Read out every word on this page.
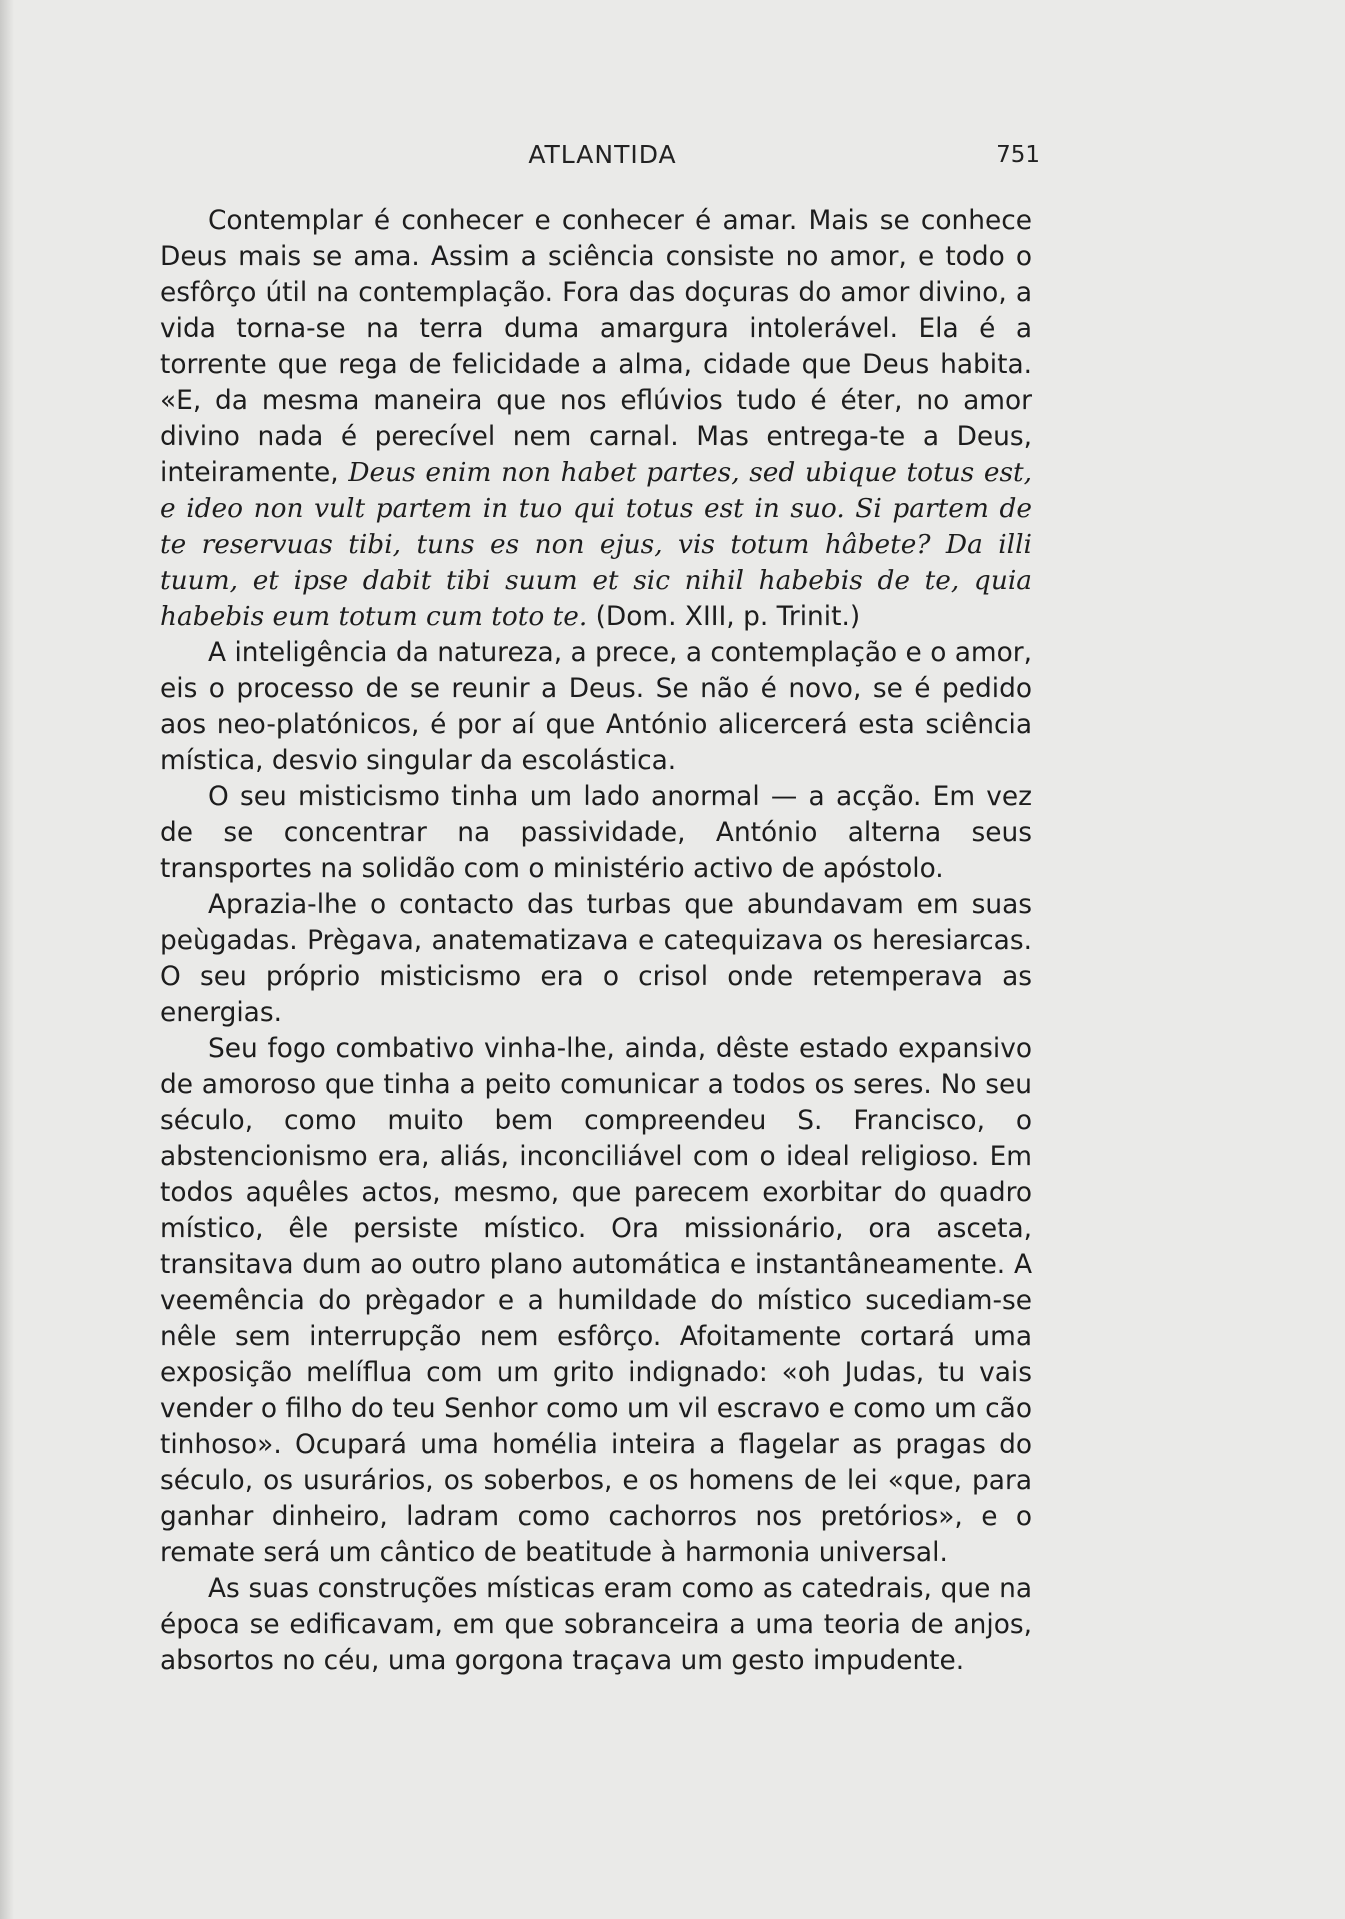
ATLANTIDA	751

Contemplar é conhecer e conhecer é amar. Mais se conhece Deus mais se ama. Assim a sciência consiste no amor, e todo o esfôrço útil na contemplação. Fora das doçuras do amor divino, a vida torna-se na terra duma amargura intolerável. Ela é a torrente que rega de felicidade a alma, cidade que Deus habita. «E, da mesma maneira que nos eflúvios tudo é éter, no amor divino nada é perecível nem carnal. Mas entrega-te a Deus, inteiramente, Deus enim non habet partes, sed ubique totus est, e ideo non vult partem in tuo qui totus est in suo. Si partem de te reservuas tibi, tuns es non ejus, vis totum hâbete? Da illi tuum, et ipse dabit tibi suum et sic nihil habebis de te, quia habebis eum totum cum toto te. (Dom. XIII, p. Trinit.)

A inteligência da natureza, a prece, a contemplação e o amor, eis o processo de se reunir a Deus. Se não é novo, se é pedido aos neo-platónicos, é por aí que António alicercerá esta sciência mística, desvio singular da escolástica.

O seu misticismo tinha um lado anormal — a acção. Em vez de se concentrar na passividade, António alterna seus transportes na solidão com o ministério activo de apóstolo.

Aprazia-lhe o contacto das turbas que abundavam em suas peùgadas. Prègava, anatematizava e catequizava os heresiarcas. O seu próprio misticismo era o crisol onde retemperava as energias.

Seu fogo combativo vinha-lhe, ainda, dêste estado expansivo de amoroso que tinha a peito comunicar a todos os seres. No seu século, como muito bem compreendeu S. Francisco, o abstencionismo era, aliás, inconciliável com o ideal religioso. Em todos aquêles actos, mesmo, que parecem exorbitar do quadro místico, êle persiste místico. Ora missionário, ora asceta, transitava dum ao outro plano automática e instantâneamente. A veemência do prègador e a humildade do místico sucediam-se nêle sem interrupção nem esfôrço. Afoitamente cortará uma exposição melíflua com um grito indignado: «oh Judas, tu vais vender o filho do teu Senhor como um vil escravo e como um cão tinhoso». Ocupará uma homélia inteira a flagelar as pragas do século, os usurários, os soberbos, e os homens de lei «que, para ganhar dinheiro, ladram como cachorros nos pretórios», e o remate será um cântico de beatitude à harmonia universal.

As suas construções místicas eram como as catedrais, que na época se edificavam, em que sobranceira a uma teoria de anjos, absortos no céu, uma gorgona traçava um gesto impudente.
